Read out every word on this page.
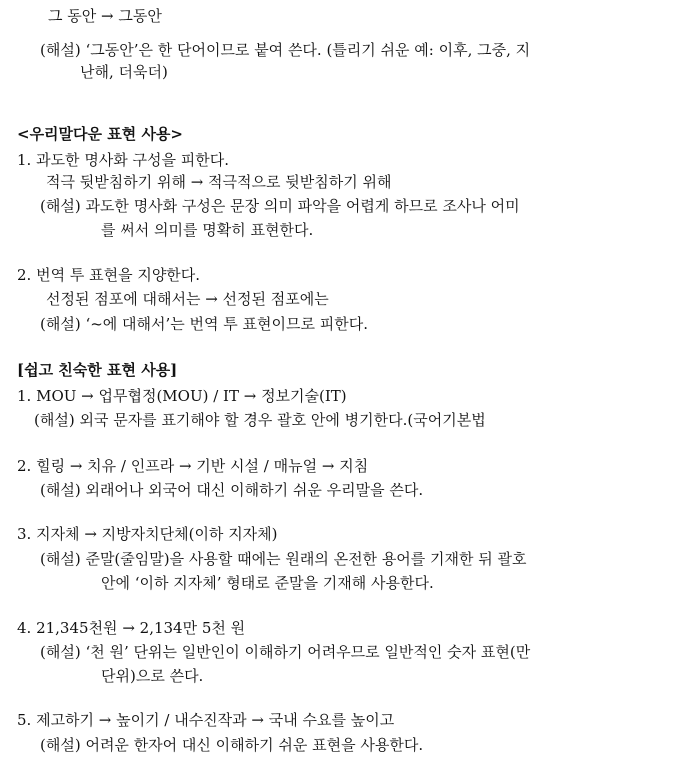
그 동안 → 그동안
(해설) ‘그동안’은 한 단어이므로 붙여 쓴다. (틀리기 쉬운 예: 이후, 그중, 지
난해, 더욱더)
<우리말다운 표현 사용>
1. 과도한 명사화 구성을 피한다.
적극 뒷받침하기 위해 → 적극적으로 뒷받침하기 위해
(해설) 과도한 명사화 구성은 문장 의미 파악을 어렵게 하므로 조사나 어미
를 써서 의미를 명확히 표현한다.
2. 번역 투 표현을 지양한다.
선정된 점포에 대해서는 → 선정된 점포에는
(해설) ‘~에 대해서’는 번역 투 표현이므로 피한다.
[쉽고 친숙한 표현 사용]
1. MOU → 업무협정(MOU) / IT → 정보기술(IT)
(해설) 외국 문자를 표기해야 할 경우 괄호 안에 병기한다.(국어기본법
2. 힐링 → 치유 / 인프라 → 기반 시설 / 매뉴얼 → 지침
(해설) 외래어나 외국어 대신 이해하기 쉬운 우리말을 쓴다.
3. 지자체 → 지방자치단체(이하 지자체)
(해설) 준말(줄임말)을 사용할 때에는 원래의 온전한 용어를 기재한 뒤 괄호
안에 ‘이하 지자체’ 형태로 준말을 기재해 사용한다.
4. 21,345천원 → 2,134만 5천 원
(해설) ‘천 원’ 단위는 일반인이 이해하기 어려우므로 일반적인 숫자 표현(만
단위)으로 쓴다.
5. 제고하기 → 높이기 / 내수진작과 → 국내 수요를 높이고
(해설) 어려운 한자어 대신 이해하기 쉬운 표현을 사용한다.
